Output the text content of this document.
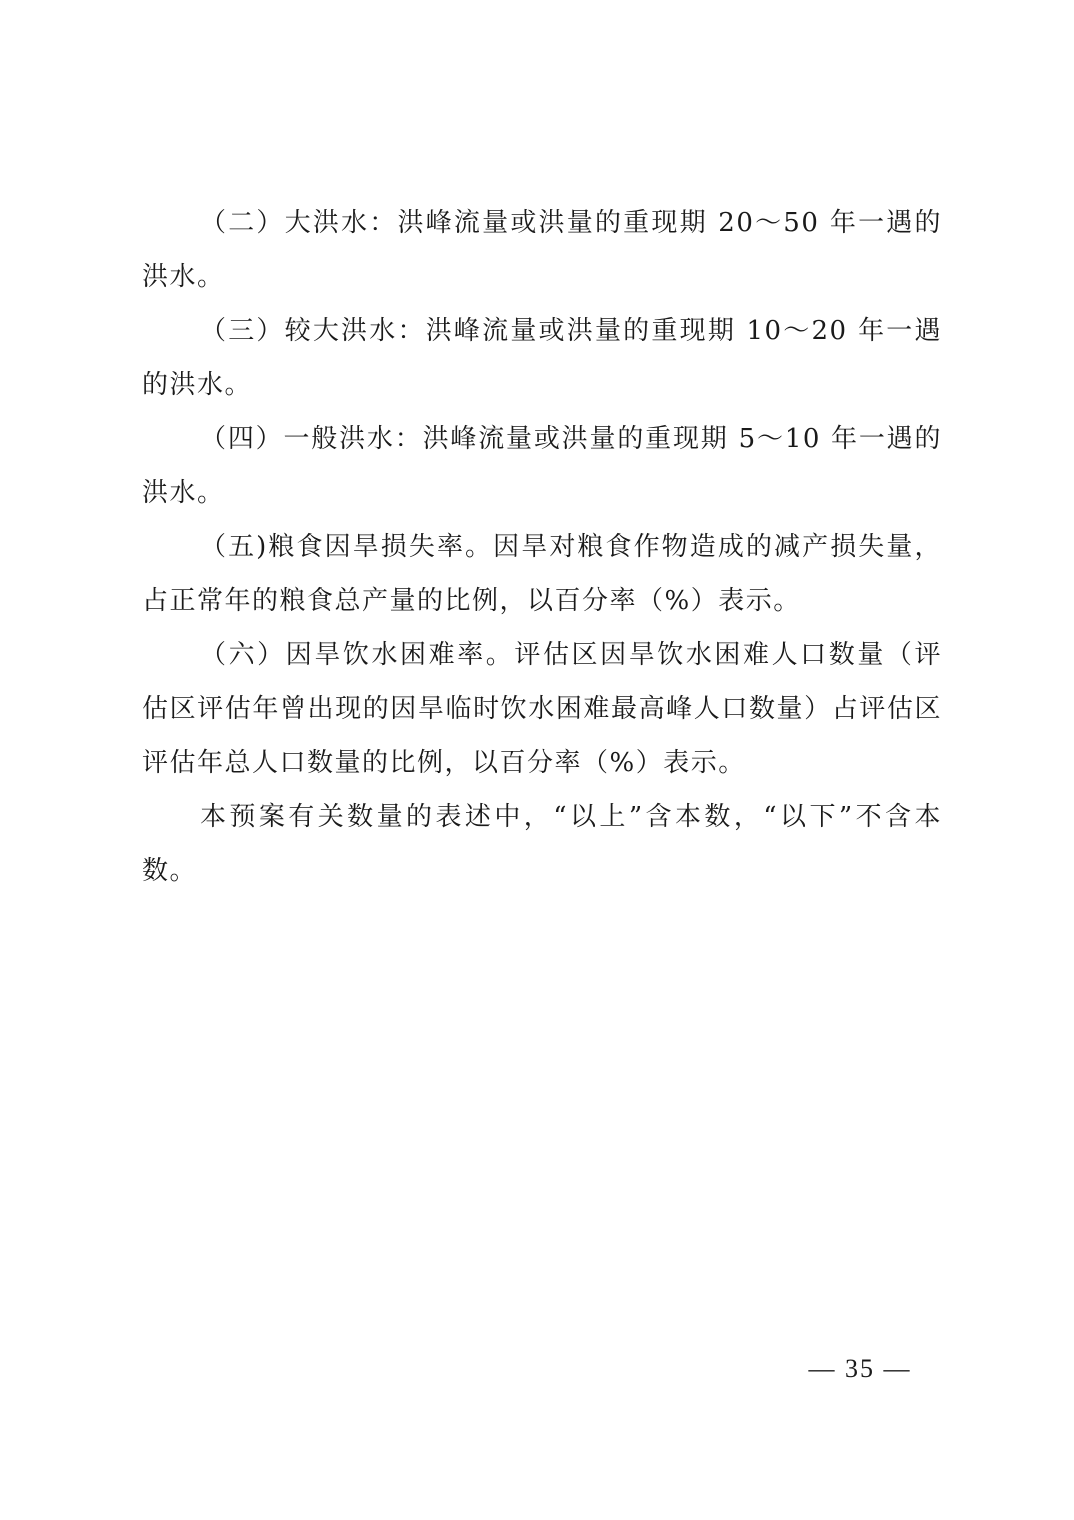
（二）大洪水：洪峰流量或洪量的重现期 20～50 年一遇的洪水。

（三）较大洪水：洪峰流量或洪量的重现期 10～20 年一遇的洪水。

（四）一般洪水：洪峰流量或洪量的重现期 5～10 年一遇的洪水。

（五)粮食因旱损失率。因旱对粮食作物造成的减产损失量，占正常年的粮食总产量的比例，以百分率（%）表示。

（六）因旱饮水困难率。评估区因旱饮水困难人口数量（评估区评估年曾出现的因旱临时饮水困难最高峰人口数量）占评估区评估年总人口数量的比例，以百分率（%）表示。

本预案有关数量的表述中，“以上”含本数，“以下”不含本数。

— 35 —
